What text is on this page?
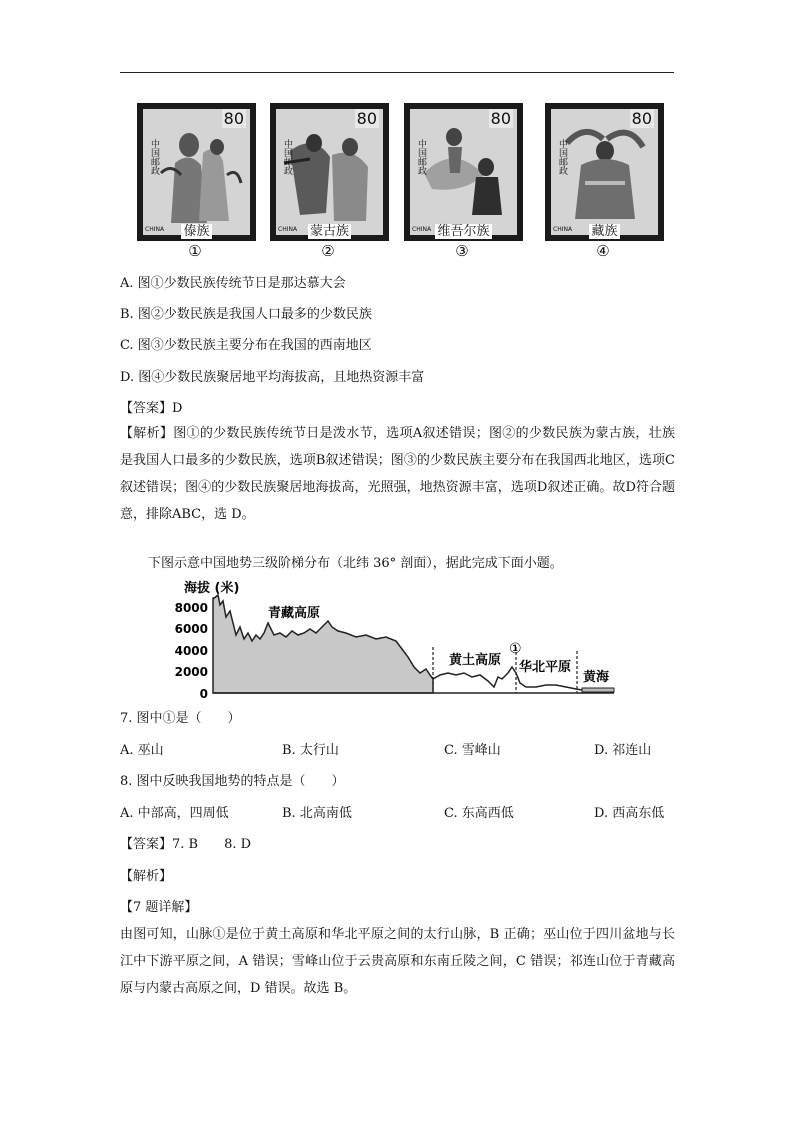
80
中国邮政
CHINA	傣族
①
80
中国邮政
CHINA 蒙古族
②
80
中国邮政
CHINA 维吾尔族
③
80
中国邮政
CHINA	藏族
④
A. 图①少数民族传统节日是那达慕大会
B. 图②少数民族是我国人口最多的少数民族
C. 图③少数民族主要分布在我国的西南地区
D. 图④少数民族聚居地平均海拔高，且地热资源丰富
【答案】D
【解析】图①的少数民族传统节日是泼水节，选项A叙述错误；图②的少数民族为蒙古族，壮族是我国人口最多的少数民族，选项B叙述错误；图③的少数民族主要分布在我国西北地区，选项C叙述错误；图④的少数民族聚居地海拔高，光照强，地热资源丰富，选项D叙述正确。故D符合题意，排除ABC，选 D。
下图示意中国地势三级阶梯分布（北纬 36° 剖面），据此完成下面小题。
海拔 (米)
8000
6000
4000
2000
0
青藏高原
黄土高原
①
华北平原
黄海
7. 图中①是（　　）
A. 巫山	B. 太行山	C. 雪峰山	D. 祁连山
8. 图中反映我国地势的特点是（　　）
A. 中部高，四周低	B. 北高南低	C. 东高西低	D. 西高东低
【答案】7. B　　8. D
【解析】
【7 题详解】
由图可知，山脉①是位于黄土高原和华北平原之间的太行山脉，B 正确；巫山位于四川盆地与长江中下游平原之间，A 错误；雪峰山位于云贵高原和东南丘陵之间，C 错误；祁连山位于青藏高原与内蒙古高原之间，D 错误。故选 B。
